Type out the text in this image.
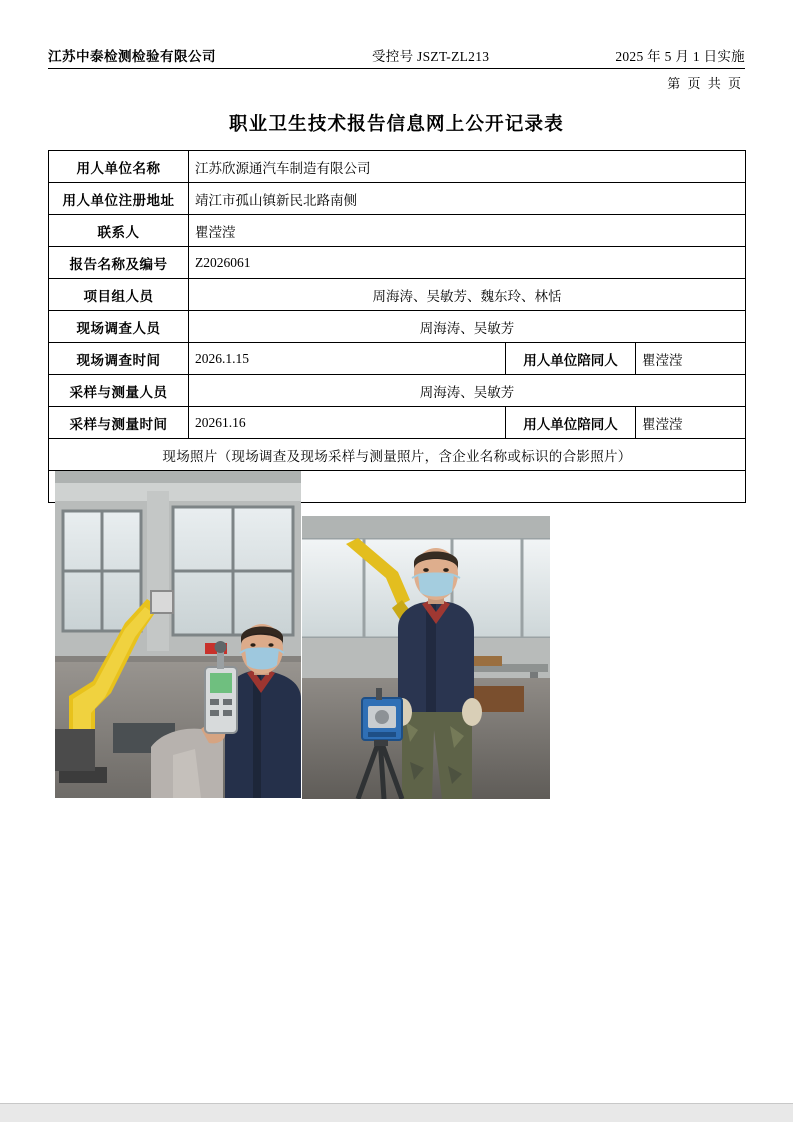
江苏中泰检测检验有限公司	受控号 JSZT-ZL213	2025 年 5 月 1 日实施
第 页 共 页
职业卫生技术报告信息网上公开记录表
用人单位名称	江苏欣源通汽车制造有限公司		
用人单位注册地址	靖江市孤山镇新民北路南侧		
联系人	瞿滢滢		
报告名称及编号	Z2026061		
项目组人员	周海涛、吴敏芳、魏东玲、林恬		
现场调查人员	周海涛、吴敏芳		
现场调查时间	2026.1.15	用人单位陪同人	瞿滢滢
采样与测量人员	周海涛、吴敏芳		
采样与测量时间	20261.16	用人单位陪同人	瞿滢滢
现场照片（现场调查及现场采样与测量照片，含企业名称或标识的合影照片）			
